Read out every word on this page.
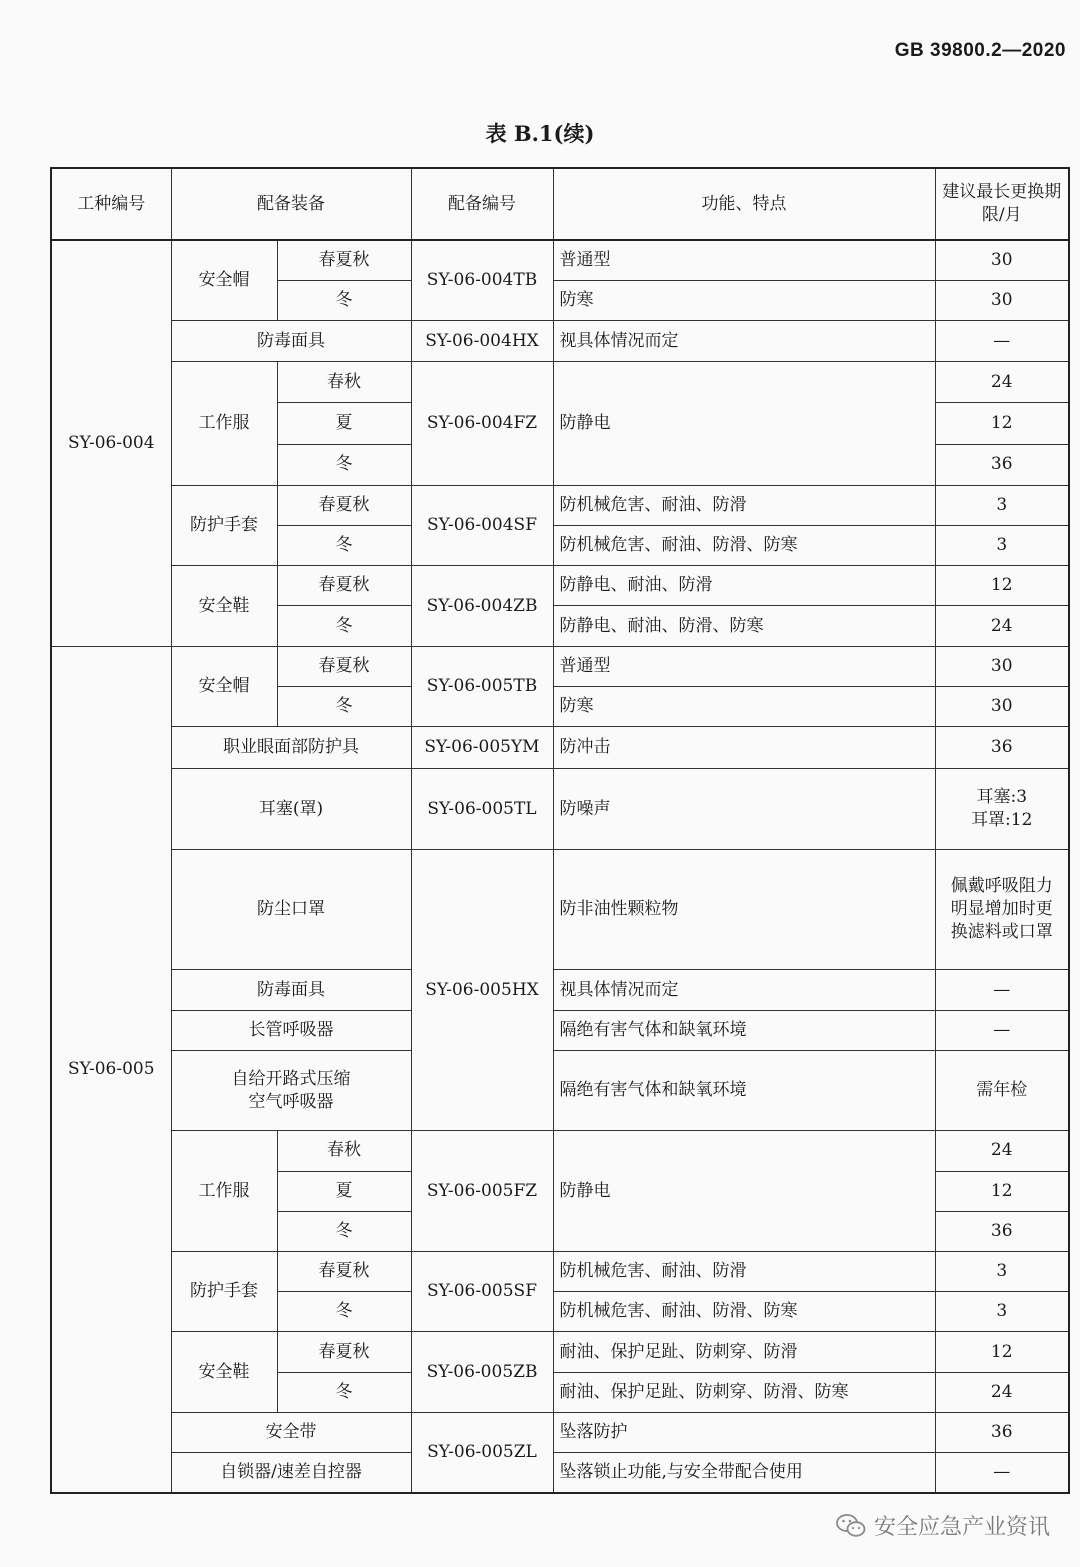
GB 39800.2—2020
表 B.1(续)
工种编号	配备装备		配备编号	功能、特点	建议最长更换期限/月
SY-06-004	安全帽	春夏秋	SY-06-004TB	普通型	30
		冬		防寒	30
	防毒面具		SY-06-004HX	视具体情况而定	—
	工作服	春秋	SY-06-004FZ	防静电	24
		夏			12
		冬			36
	防护手套	春夏秋	SY-06-004SF	防机械危害、耐油、防滑	3
		冬		防机械危害、耐油、防滑、防寒	3
	安全鞋	春夏秋	SY-06-004ZB	防静电、耐油、防滑	12
		冬		防静电、耐油、防滑、防寒	24
SY-06-005	安全帽	春夏秋	SY-06-005TB	普通型	30
		冬		防寒	30
	职业眼面部防护具		SY-06-005YM	防冲击	36
	耳塞(罩)		SY-06-005TL	防噪声	耳塞:3
耳罩:12

	防尘口罩		SY-06-005HX	防非油性颗粒物	佩戴呼吸阻力
明显增加时更
换滤料或口罩

	防毒面具			视具体情况而定	—
	长管呼吸器			隔绝有害气体和缺氧环境	—

	自给开路式压缩
空气呼吸器			隔绝有害气体和缺氧环境	需年检
	工作服	春秋	SY-06-005FZ	防静电	24
		夏			12
		冬			36
	防护手套	春夏秋	SY-06-005SF	防机械危害、耐油、防滑	3
		冬		防机械危害、耐油、防滑、防寒	3
	安全鞋	春夏秋	SY-06-005ZB	耐油、保护足趾、防刺穿、防滑	12
		冬		耐油、保护足趾、防刺穿、防滑、防寒	24
	安全带		SY-06-005ZL	坠落防护	36
	自锁器/速差自控器			坠落锁止功能,与安全带配合使用	—
安全应急产业资讯
